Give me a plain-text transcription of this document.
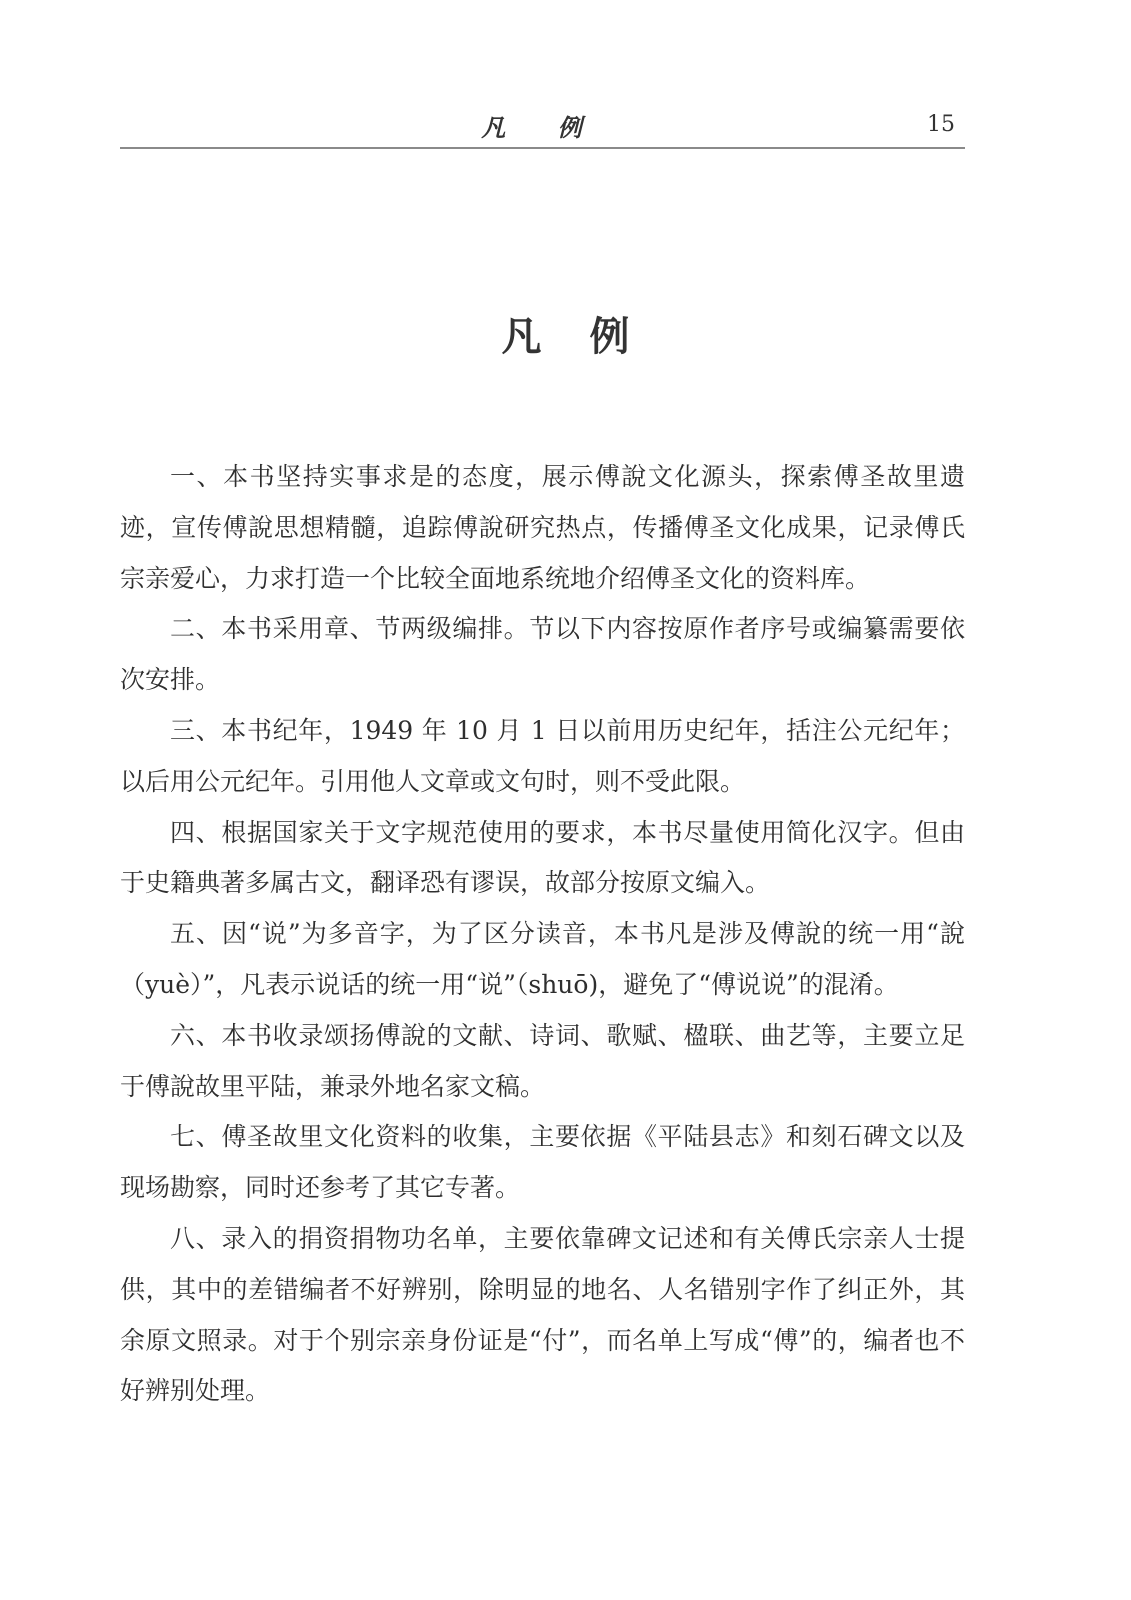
凡 例	15
凡例

一、本书坚持实事求是的态度，展示傅說文化源头，探索傅圣故里遗迹，宣传傅說思想精髓，追踪傅說研究热点，传播傅圣文化成果，记录傅氏宗亲爱心，力求打造一个比较全面地系统地介绍傅圣文化的资料库。

二、本书采用章、节两级编排。节以下内容按原作者序号或编纂需要依次安排。

三、本书纪年，1949 年 10 月 1 日以前用历史纪年，括注公元纪年；以后用公元纪年。引用他人文章或文句时，则不受此限。

四、根据国家关于文字规范使用的要求，本书尽量使用简化汉字。但由于史籍典著多属古文，翻译恐有谬误，故部分按原文编入。

五、因“说”为多音字，为了区分读音，本书凡是涉及傅說的统一用“說（yuè）”，凡表示说话的统一用“说”（shuō)，避免了“傅说说”的混淆。

六、本书收录颂扬傅說的文献、诗词、歌赋、楹联、曲艺等，主要立足于傅說故里平陆，兼录外地名家文稿。

七、傅圣故里文化资料的收集，主要依据《平陆县志》和刻石碑文以及现场勘察，同时还参考了其它专著。

八、录入的捐资捐物功名单，主要依靠碑文记述和有关傅氏宗亲人士提供，其中的差错编者不好辨别，除明显的地名、人名错别字作了纠正外，其余原文照录。对于个别宗亲身份证是“付”，而名单上写成“傅”的，编者也不好辨别处理。
